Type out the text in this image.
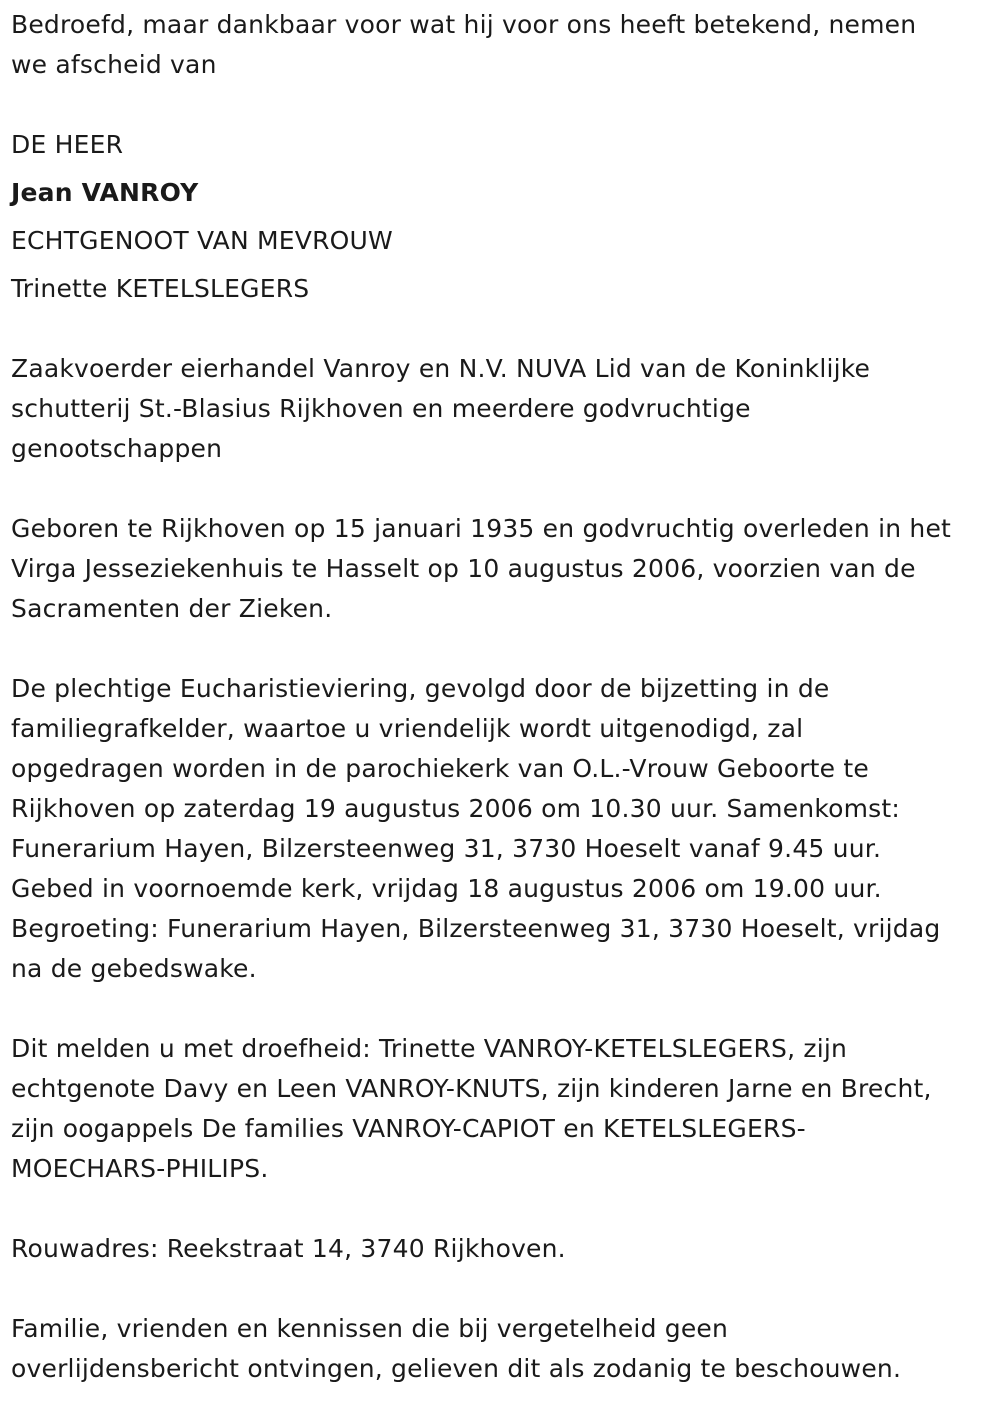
Bedroefd, maar dankbaar voor wat hij voor ons heeft betekend, nemen
we afscheid van
DE HEER
Jean VANROY
ECHTGENOOT VAN MEVROUW
Trinette KETELSLEGERS
Zaakvoerder eierhandel Vanroy en N.V. NUVA Lid van de Koninklijke
schutterij St.-Blasius Rijkhoven en meerdere godvruchtige
genootschappen
Geboren te Rijkhoven op 15 januari 1935 en godvruchtig overleden in het
Virga Jesseziekenhuis te Hasselt op 10 augustus 2006, voorzien van de
Sacramenten der Zieken.
De plechtige Eucharistieviering, gevolgd door de bijzetting in de
familiegrafkelder, waartoe u vriendelijk wordt uitgenodigd, zal
opgedragen worden in de parochiekerk van O.L.-Vrouw Geboorte te
Rijkhoven op zaterdag 19 augustus 2006 om 10.30 uur. Samenkomst:
Funerarium Hayen, Bilzersteenweg 31, 3730 Hoeselt vanaf 9.45 uur.
Gebed in voornoemde kerk, vrijdag 18 augustus 2006 om 19.00 uur.
Begroeting: Funerarium Hayen, Bilzersteenweg 31, 3730 Hoeselt, vrijdag
na de gebedswake.
Dit melden u met droefheid: Trinette VANROY-KETELSLEGERS, zijn
echtgenote Davy en Leen VANROY-KNUTS, zijn kinderen Jarne en Brecht,
zijn oogappels De families VANROY-CAPIOT en KETELSLEGERS-
MOECHARS-PHILIPS.
Rouwadres: Reekstraat 14, 3740 Rijkhoven.
Familie, vrienden en kennissen die bij vergetelheid geen
overlijdensbericht ontvingen, gelieven dit als zodanig te beschouwen.
